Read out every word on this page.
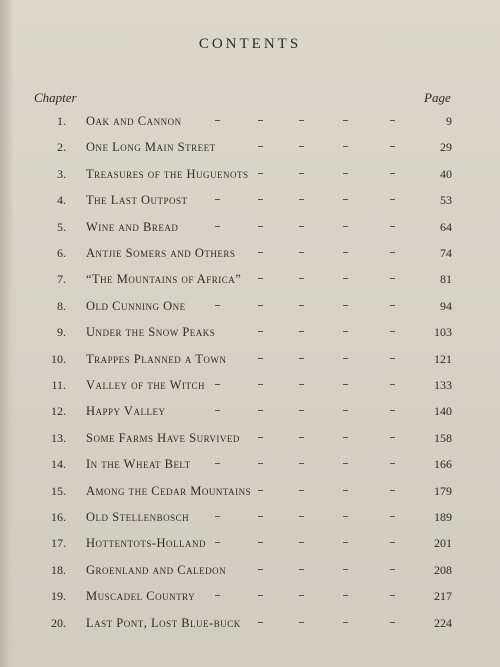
CONTENTS
Chapter	Page
1. Oak and Cannon	9
2. One Long Main Street	29
3. Treasures of the Huguenots	40
4. The Last Outpost	53
5. Wine and Bread	64
6. Antjie Somers and Others	74
7. “The Mountains of Africa”	81
8. Old Cunning One	94
9. Under the Snow Peaks	103
10. Trappes Planned a Town	121
11. Valley of the Witch	133
12. Happy Valley	140
13. Some Farms Have Survived	158
14. In the Wheat Belt	166
15. Among the Cedar Mountains	179
16. Old Stellenbosch	189
17. Hottentots-Holland	201
18. Groenland and Caledon	208
19. Muscadel Country	217
20. Last Pont, Lost Blue-buck	224
